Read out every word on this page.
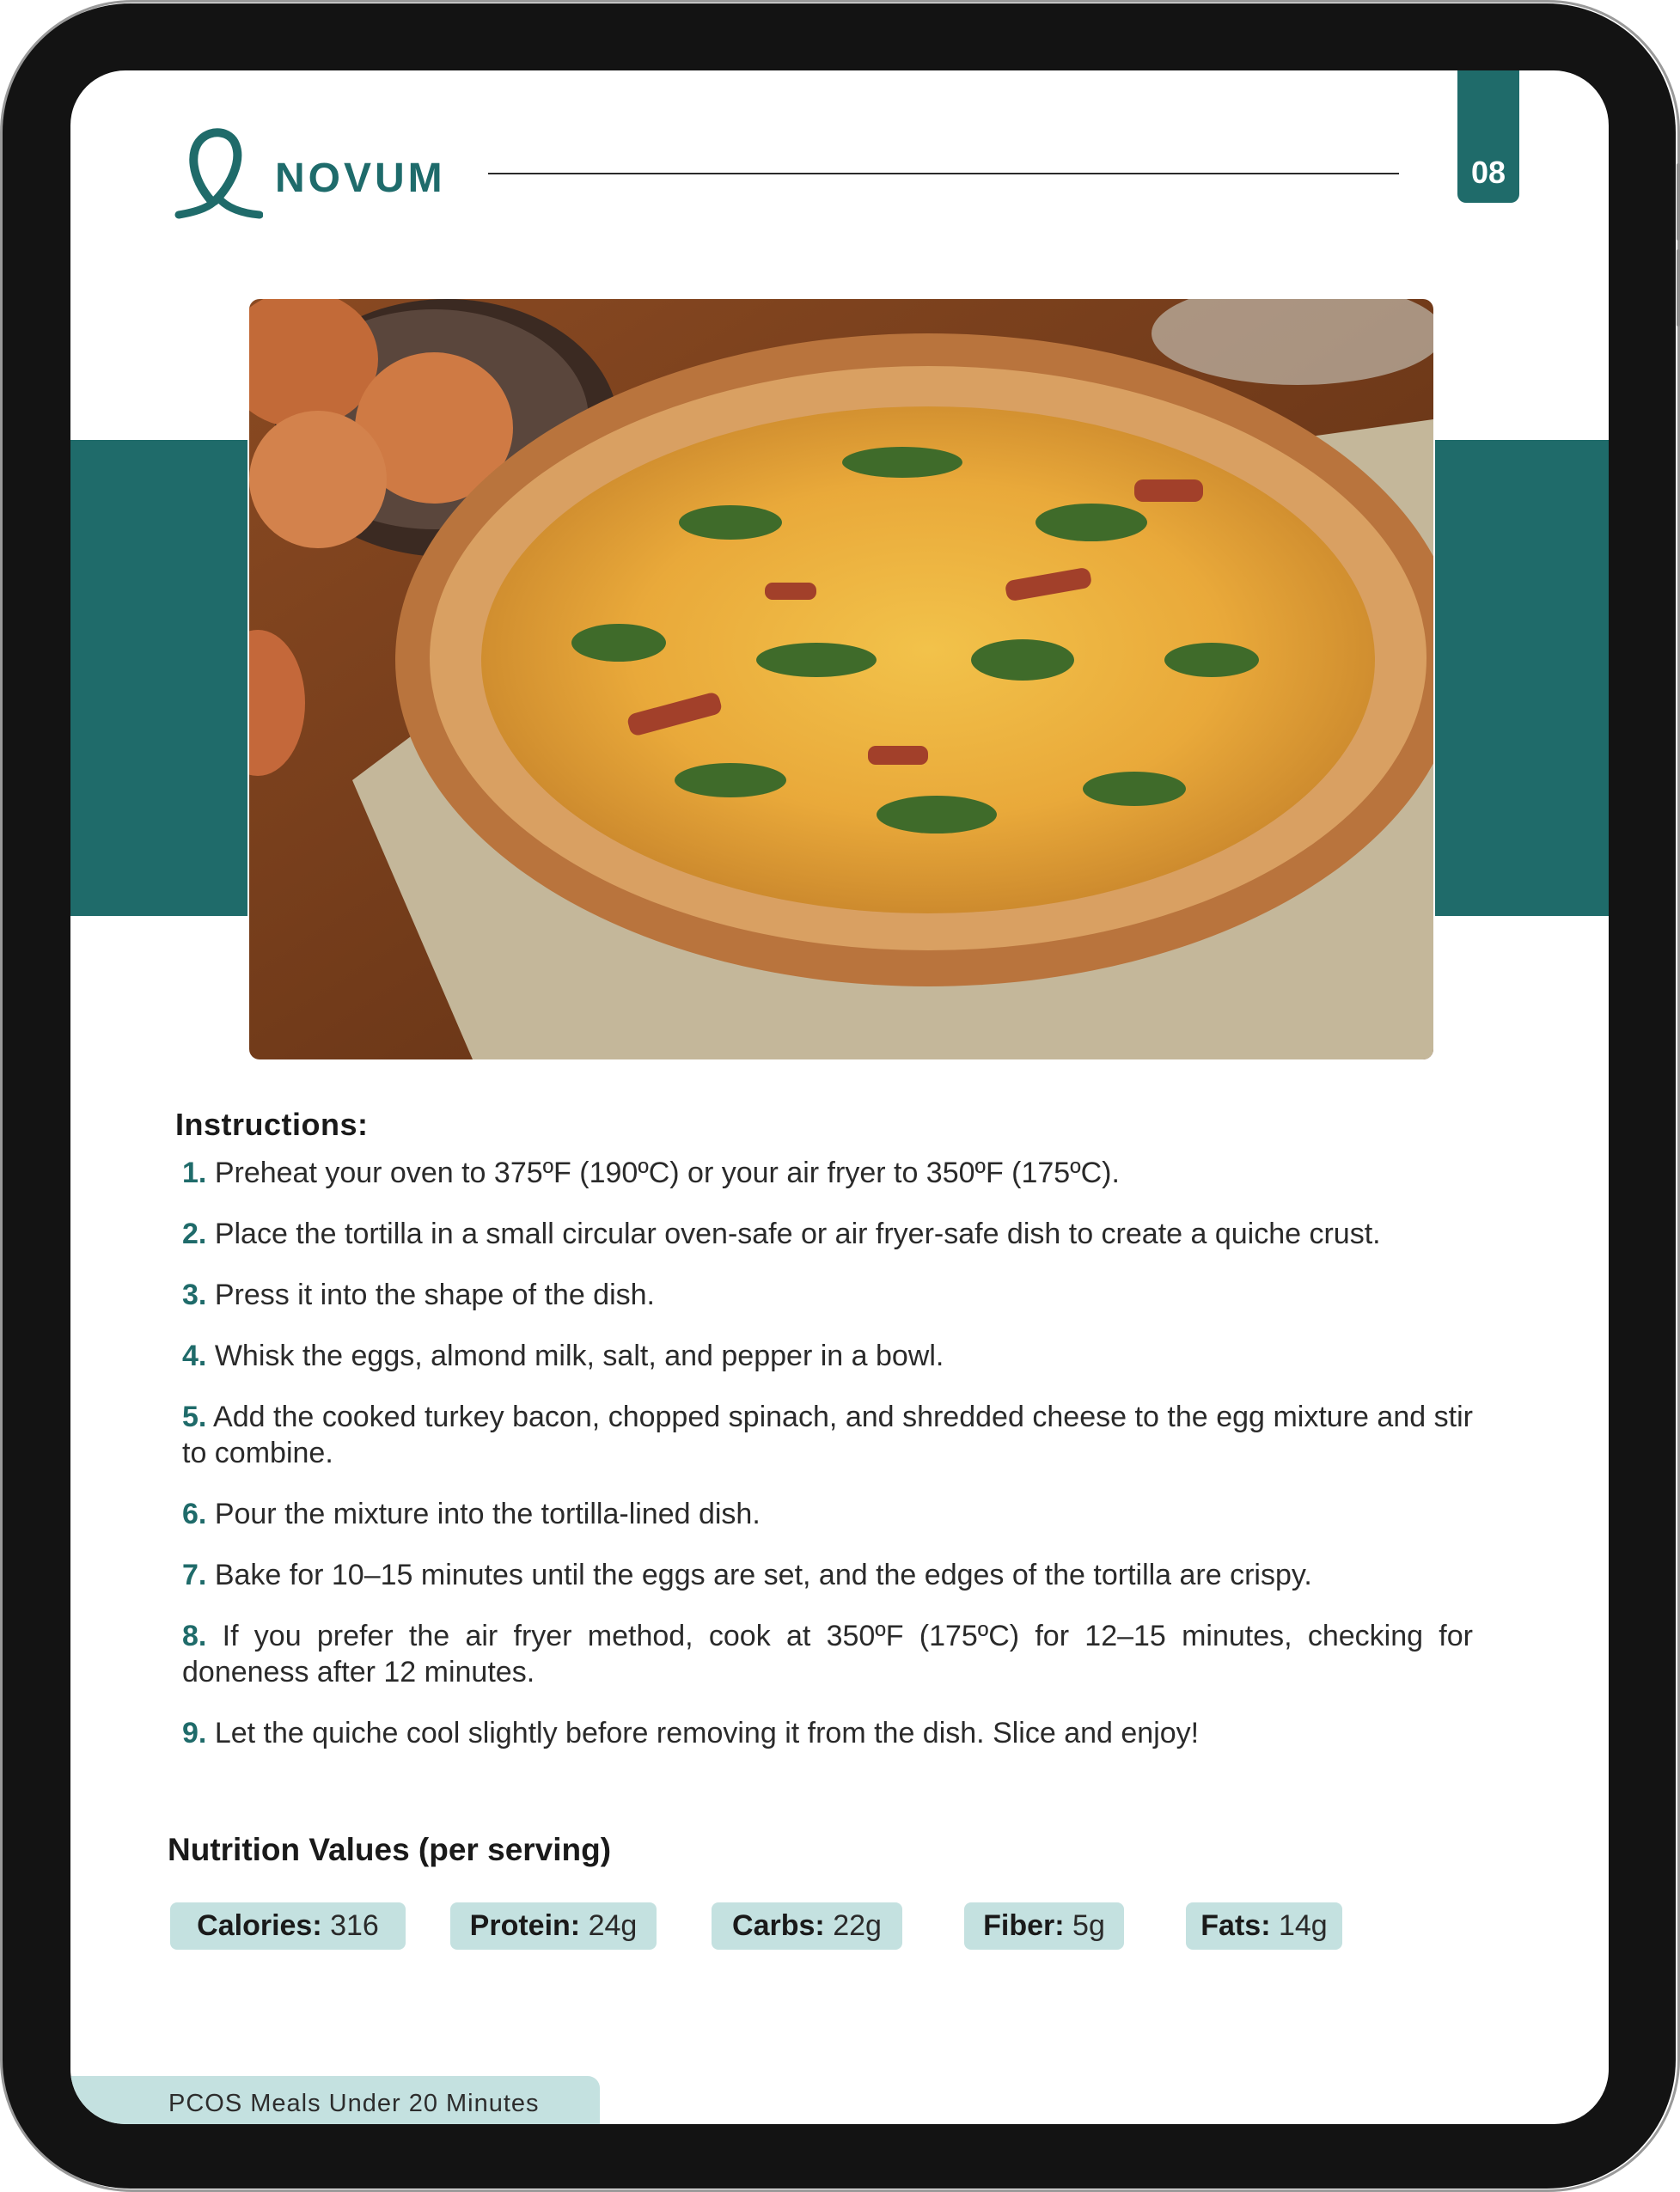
NOVUM	08
Instructions:
1. Preheat your oven to 375ºF (190ºC) or your air fryer to 350ºF (175ºC).
2. Place the tortilla in a small circular oven-safe or air fryer-safe dish to create a quiche crust.
3. Press it into the shape of the dish.
4. Whisk the eggs, almond milk, salt, and pepper in a bowl.
5. Add the cooked turkey bacon, chopped spinach, and shredded cheese to the egg mixture and stir to combine.
6. Pour the mixture into the tortilla-lined dish.
7. Bake for 10–15 minutes until the eggs are set, and the edges of the tortilla are crispy.
8. If you prefer the air fryer method, cook at 350ºF (175ºC) for 12–15 minutes, checking for doneness after 12 minutes.
9. Let the quiche cool slightly before removing it from the dish. Slice and enjoy!
Nutrition Values (per serving)
Calories: 316	Protein: 24g	Carbs: 22g	Fiber: 5g	Fats: 14g
PCOS Meals Under 20 Minutes
